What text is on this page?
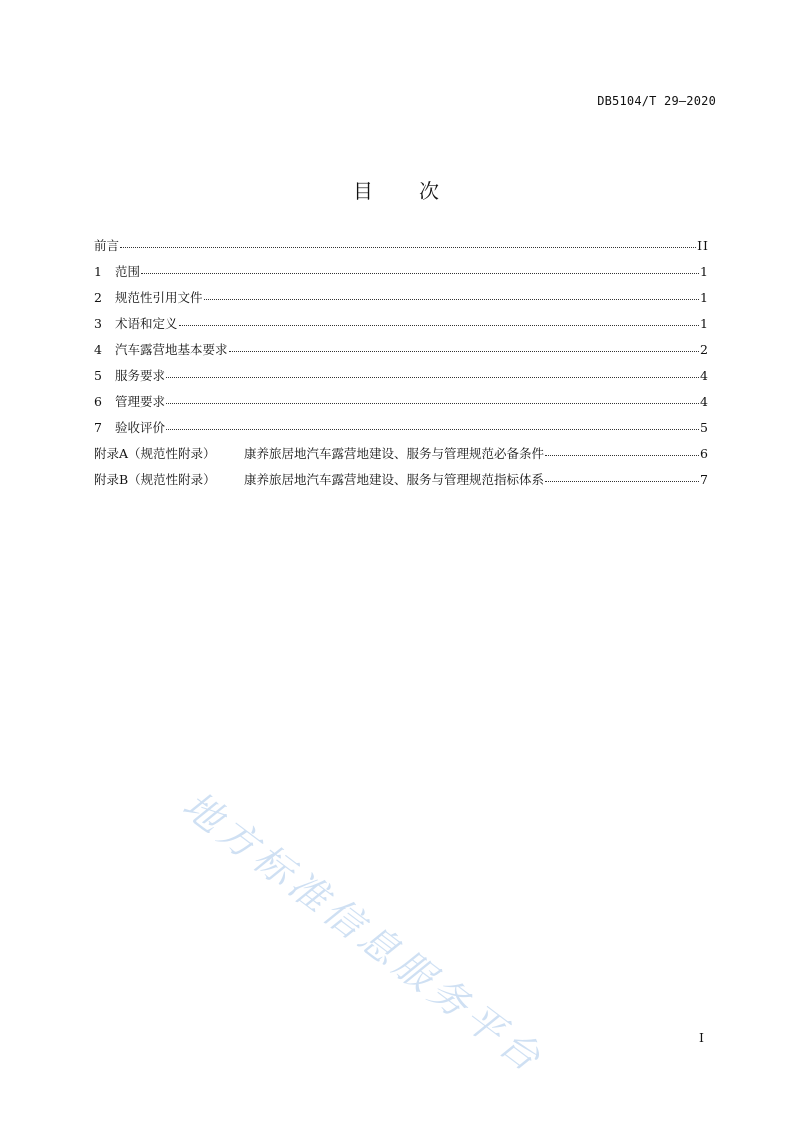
DB5104/T 29—2020
目次
前言	II
1	范围	1
2	规范性引用文件	1
3	术语和定义	1
4	汽车露营地基本要求	2
5	服务要求	4
6	管理要求	4
7	验收评价	5
附录A（规范性附录）	康养旅居地汽车露营地建设、服务与管理规范必备条件	6
附录B（规范性附录）	康养旅居地汽车露营地建设、服务与管理规范指标体系	7
地方标准信息服务平台	I
